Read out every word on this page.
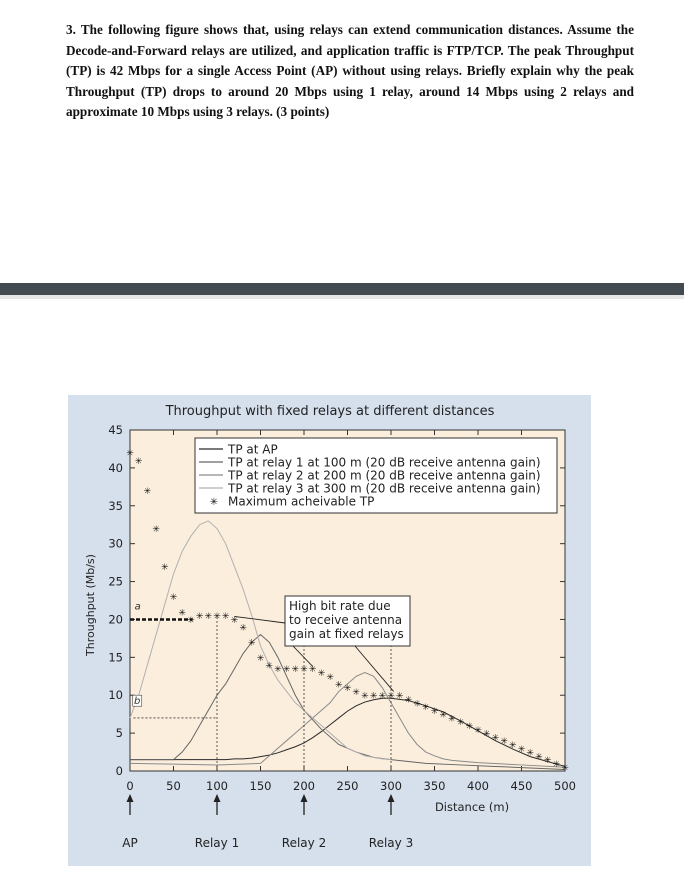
3. The following figure shows that, using relays can extend communication distances. Assume the Decode-and-Forward relays are utilized, and application traffic is FTP/TCP. The peak Throughput (TP) is 42 Mbps for a single Access Point (AP) without using relays. Briefly explain why the peak Throughput (TP) drops to around 20 Mbps using 1 relay, around 14 Mbps using 2 relays and approximate 10 Mbps using 3 relays. (3 points)

Throughput with fixed relays at different distances
Throughput (Mb/s)
Distance (m)
0	50 100 150 200 250 300 350 400 450 500
0
5
10
15
20
25
30
35
40
45
✳
✳
✳
✳
✳
✳
✳
✳ ✳ ✳ ✳ ✳ ✳
✳
✳
✳
✳ ✳ ✳ ✳ ✳ ✳ ✳ ✳
✳ ✳ ✳ ✳ ✳ ✳ ✳ ✳ ✳ ✳ ✳ ✳ ✳ ✳ ✳ ✳ ✳ ✳ ✳ ✳ ✳ ✳ ✳ ✳ ✳ ✳ ✳
a
b
TP at AP
TP at relay 1 at 100 m (20 dB receive antenna gain)
TP at relay 2 at 200 m (20 dB receive antenna gain)
TP at relay 3 at 300 m (20 dB receive antenna gain)
✳ Maximum acheivable TP
High bit rate due
to receive antenna
gain at fixed relays
AP	Relay 1	Relay 2	Relay 3
